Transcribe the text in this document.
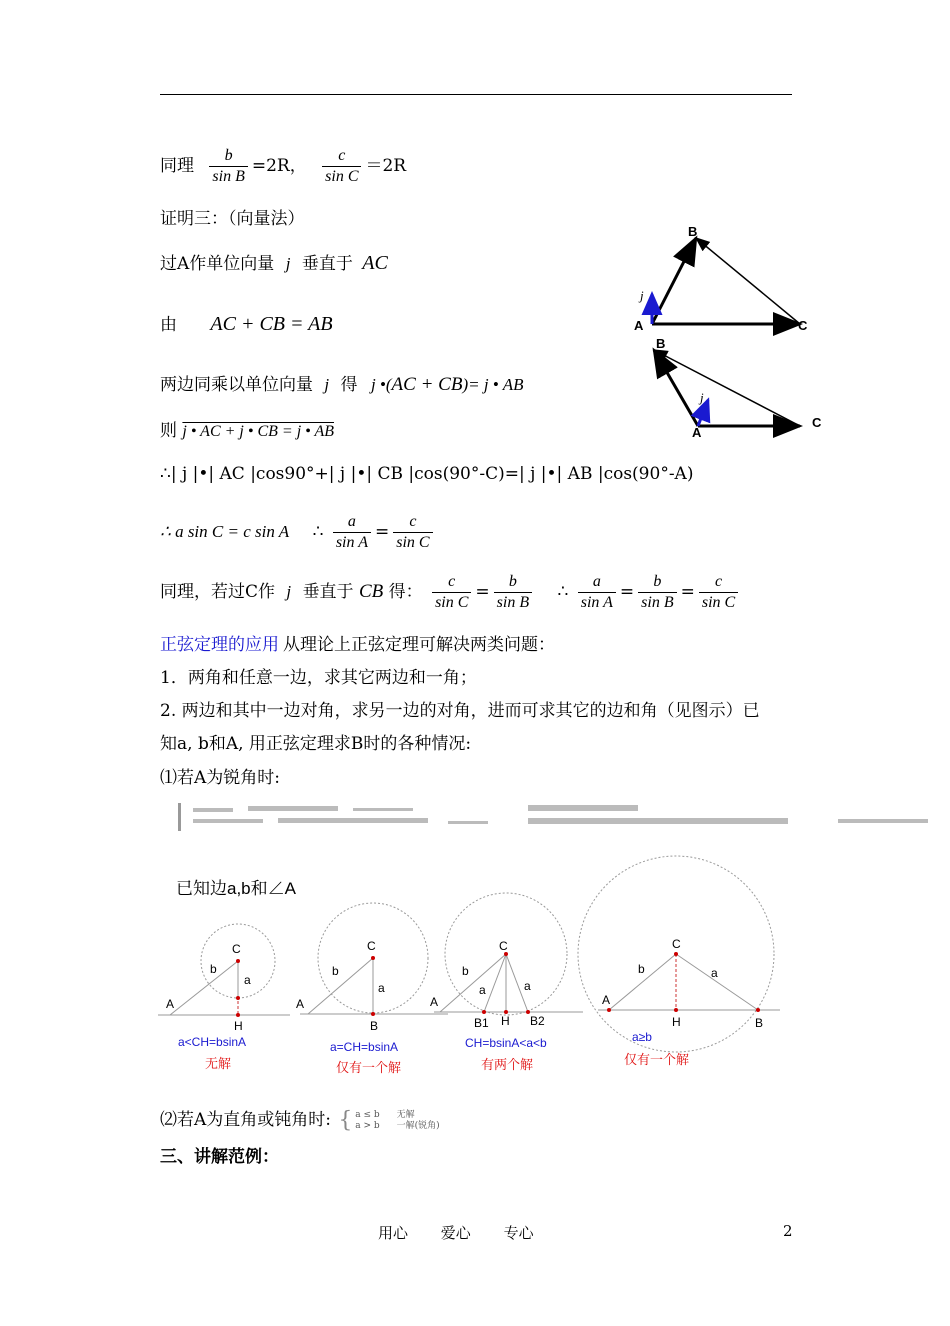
同理 $\frac{b}{\text{sin B}} =2R$， $\frac{c}{\text{sin C}} =2R$
证明三：（向量法）
过A作单位向量 j 垂直于 AC
由 AC + CB = AB
两边同乘以单位向量 j 得 j •(AC + CB)= j • AB
则 j • AC + j • CB = j • AB
∴| j |•| AC |cos90°+| j |•| CB |cos(90°-C)=| j |•| AB |cos(90°-A)
∴ a sin C = c sin A ∴ $\frac{a}{\text{sin A}} = \frac{c}{\text{sin C}}$
同理，若过C作 j 垂直于 CB 得： $\frac{c}{\text{sin C}} = \frac{b}{\text{sin B}}$ ∴ $\frac{a}{\text{sin A}} = \frac{b}{\text{sin B}} = \frac{c}{\text{sin C}}$
正弦定理的应用 从理论上正弦定理可解决两类问题：
1．两角和任意一边，求其它两边和一角；
2. 两边和其中一边对角，求另一边的对角，进而可求其它的边和角（见图示）已
知a, b和A, 用正弦定理求B时的各种情况:
⑴若A为锐角时:
B
A	C
j
B
A
C
j
已知边a,b和∠A
C
b
a
A
H
C
b
a
A
B
C
b
a	a
A
B1 H B2
C
b	a
A
H	B
a<CH=bsinA
无解
a=CH=bsinA
仅有一个解
CH=bsinA<a<b
有两个解
a≥b
仅有一个解
⑵若A为直角或钝角时: { a ≤ b 无解
a > b 一解(锐角)
三、讲解范例：
用心 爱心 专心	2
